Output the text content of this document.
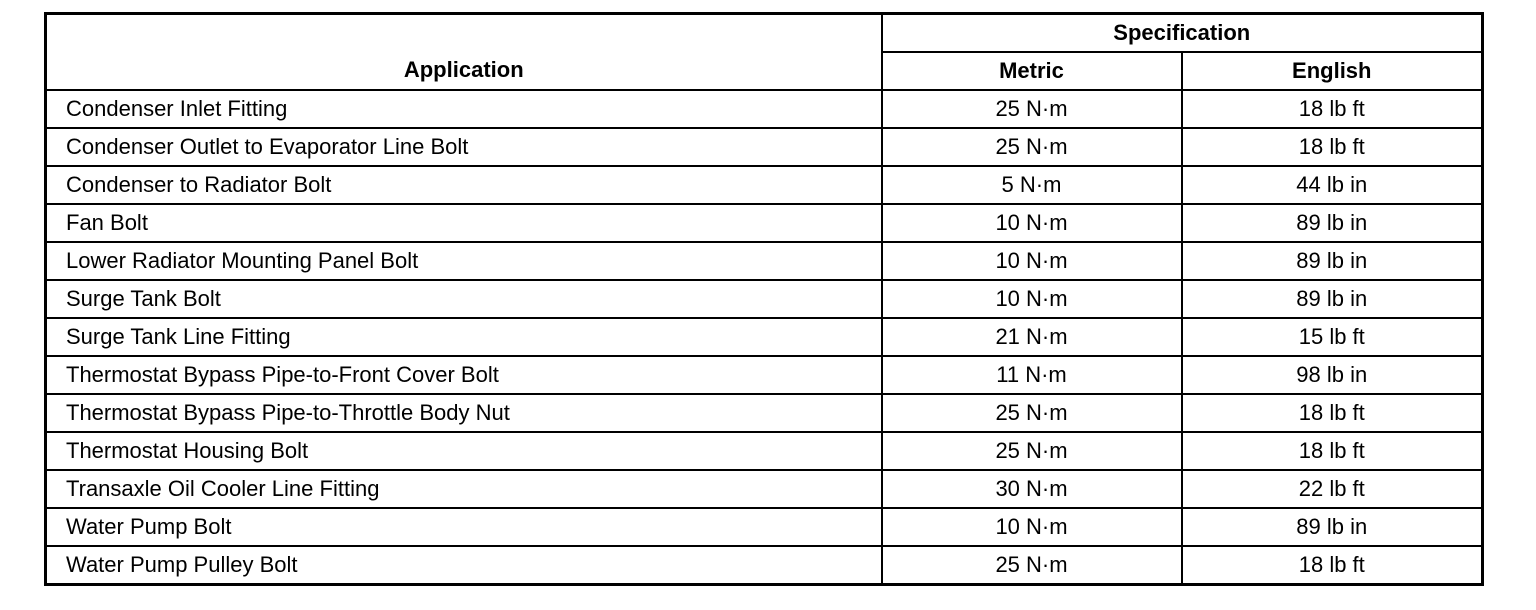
Application	Specification	
	Metric	English
Condenser Inlet Fitting	25 N·m	18 lb ft
Condenser Outlet to Evaporator Line Bolt	25 N·m	18 lb ft
Condenser to Radiator Bolt	5 N·m	44 lb in
Fan Bolt	10 N·m	89 lb in
Lower Radiator Mounting Panel Bolt	10 N·m	89 lb in
Surge Tank Bolt	10 N·m	89 lb in
Surge Tank Line Fitting	21 N·m	15 lb ft
Thermostat Bypass Pipe-to-Front Cover Bolt	11 N·m	98 lb in
Thermostat Bypass Pipe-to-Throttle Body Nut	25 N·m	18 lb ft
Thermostat Housing Bolt	25 N·m	18 lb ft
Transaxle Oil Cooler Line Fitting	30 N·m	22 lb ft
Water Pump Bolt	10 N·m	89 lb in
Water Pump Pulley Bolt	25 N·m	18 lb ft
